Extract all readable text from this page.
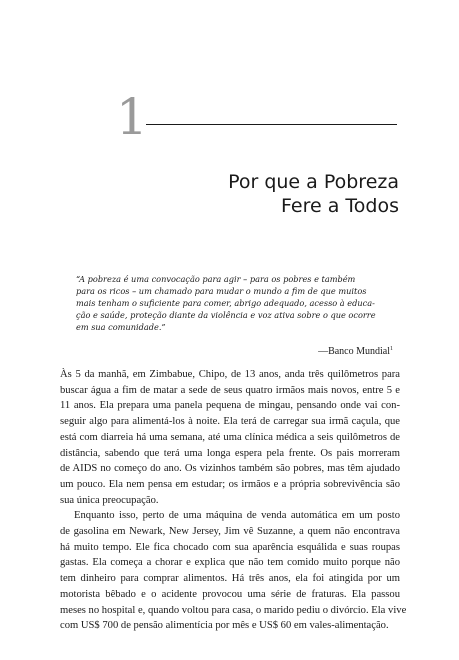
1
Por que a Pobreza
Fere a Todos
“A pobreza é uma convocação para agir – para os pobres e também
para os ricos – um chamado para mudar o mundo a fim de que muitos
mais tenham o suficiente para comer, abrigo adequado, acesso à educa-
ção e saúde, proteção diante da violência e voz ativa sobre o que ocorre
em sua comunidade.”
—Banco Mundial$^1$
Às 5 da manhã, em Zimbabue, Chipo, de 13 anos, anda três quilômetros para
buscar água a fim de matar a sede de seus quatro irmãos mais novos, entre 5 e
11 anos. Ela prepara uma panela pequena de mingau, pensando onde vai con-
seguir algo para alimentá-los à noite. Ela terá de carregar sua irmã caçula, que
está com diarreia há uma semana, até uma clínica médica a seis quilômetros de
distância, sabendo que terá uma longa espera pela frente. Os pais morreram
de AIDS no começo do ano. Os vizinhos também são pobres, mas têm ajudado
um pouco. Ela nem pensa em estudar; os irmãos e a própria sobrevivência são
sua única preocupação.
Enquanto isso, perto de uma máquina de venda automática em um posto
de gasolina em Newark, New Jersey, Jim vê Suzanne, a quem não encontrava
há muito tempo. Ele fica chocado com sua aparência esquálida e suas roupas
gastas. Ela começa a chorar e explica que não tem comido muito porque não
tem dinheiro para comprar alimentos. Há três anos, ela foi atingida por um
motorista bêbado e o acidente provocou uma série de fraturas. Ela passou
meses no hospital e, quando voltou para casa, o marido pediu o divórcio. Ela vive
com US$ 700 de pensão alimentícia por mês e US$ 60 em vales-alimentação.
